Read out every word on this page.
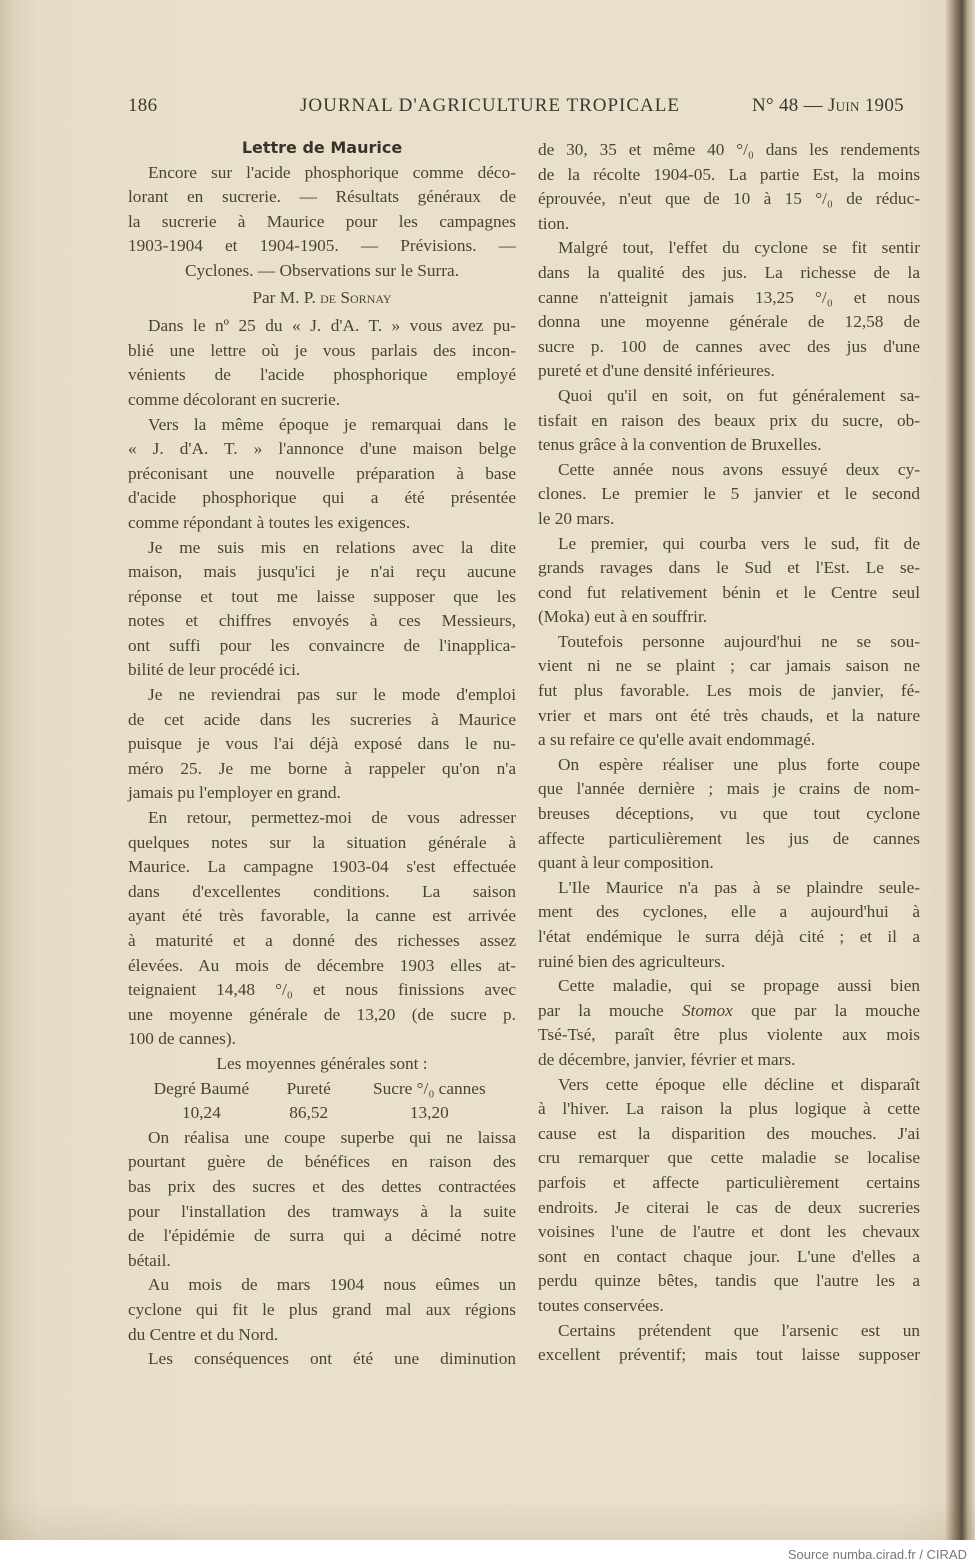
186	JOURNAL D'AGRICULTURE TROPICALE	N° 48 — Juin 1905
Lettre de Maurice
Encore sur l'acide phosphorique comme déco-
lorant en sucrerie. — Résultats généraux de
la sucrerie à Maurice pour les campagnes
1903-1904 et 1904-1905. — Prévisions. —
Cyclones. — Observations sur le Surra.
Par M. P. de Sornay
Dans le nº 25 du « J. d'A. T. » vous avez pu-
blié une lettre où je vous parlais des incon-
vénients de l'acide phosphorique employé
comme décolorant en sucrerie.
Vers la même époque je remarquai dans le
« J. d'A. T. » l'annonce d'une maison belge
préconisant une nouvelle préparation à base
d'acide phosphorique qui a été présentée
comme répondant à toutes les exigences.
Je me suis mis en relations avec la dite
maison, mais jusqu'ici je n'ai reçu aucune
réponse et tout me laisse supposer que les
notes et chiffres envoyés à ces Messieurs,
ont suffi pour les convaincre de l'inapplica-
bilité de leur procédé ici.
Je ne reviendrai pas sur le mode d'emploi
de cet acide dans les sucreries à Maurice
puisque je vous l'ai déjà exposé dans le nu-
méro 25. Je me borne à rappeler qu'on n'a
jamais pu l'employer en grand.
En retour, permettez-moi de vous adresser
quelques notes sur la situation générale à
Maurice. La campagne 1903-04 s'est effectuée
dans d'excellentes conditions. La saison
ayant été très favorable, la canne est arrivée
à maturité et a donné des richesses assez
élevées. Au mois de décembre 1903 elles at-
teignaient 14,48 °/₀ et nous finissions avec
une moyenne générale de 13,20 (de sucre p.
100 de cannes).
Les moyennes générales sont :
Degré Baumé	Pureté	Sucre °/₀ cannes
10,24	86,52	13,20
On réalisa une coupe superbe qui ne laissa
pourtant guère de bénéfices en raison des
bas prix des sucres et des dettes contractées
pour l'installation des tramways à la suite
de l'épidémie de surra qui a décimé notre
bétail.
Au mois de mars 1904 nous eûmes un
cyclone qui fit le plus grand mal aux régions
du Centre et du Nord.
Les conséquences ont été une diminution
de 30, 35 et même 40 °/₀ dans les rendements
de la récolte 1904-05. La partie Est, la moins
éprouvée, n'eut que de 10 à 15 °/₀ de réduc-
tion.
Malgré tout, l'effet du cyclone se fit sentir
dans la qualité des jus. La richesse de la
canne n'atteignit jamais 13,25 °/₀ et nous
donna une moyenne générale de 12,58 de
sucre p. 100 de cannes avec des jus d'une
pureté et d'une densité inférieures.
Quoi qu'il en soit, on fut généralement sa-
tisfait en raison des beaux prix du sucre, ob-
tenus grâce à la convention de Bruxelles.
Cette année nous avons essuyé deux cy-
clones. Le premier le 5 janvier et le second
le 20 mars.
Le premier, qui courba vers le sud, fit de
grands ravages dans le Sud et l'Est. Le se-
cond fut relativement bénin et le Centre seul
(Moka) eut à en souffrir.
Toutefois personne aujourd'hui ne se sou-
vient ni ne se plaint ; car jamais saison ne
fut plus favorable. Les mois de janvier, fé-
vrier et mars ont été très chauds, et la nature
a su refaire ce qu'elle avait endommagé.
On espère réaliser une plus forte coupe
que l'année dernière ; mais je crains de nom-
breuses déceptions, vu que tout cyclone
affecte particulièrement les jus de cannes
quant à leur composition.
L'Ile Maurice n'a pas à se plaindre seule-
ment des cyclones, elle a aujourd'hui à
l'état endémique le surra déjà cité ; et il a
ruiné bien des agriculteurs.
Cette maladie, qui se propage aussi bien
par la mouche Stomox que par la mouche
Tsé-Tsé, paraît être plus violente aux mois
de décembre, janvier, février et mars.
Vers cette époque elle décline et disparaît
à l'hiver. La raison la plus logique à cette
cause est la disparition des mouches. J'ai
cru remarquer que cette maladie se localise
parfois et affecte particulièrement certains
endroits. Je citerai le cas de deux sucreries
voisines l'une de l'autre et dont les chevaux
sont en contact chaque jour. L'une d'elles a
perdu quinze bêtes, tandis que l'autre les a
toutes conservées.
Certains prétendent que l'arsenic est un
excellent préventif; mais tout laisse supposer
Source numba.cirad.fr / CIRAD
